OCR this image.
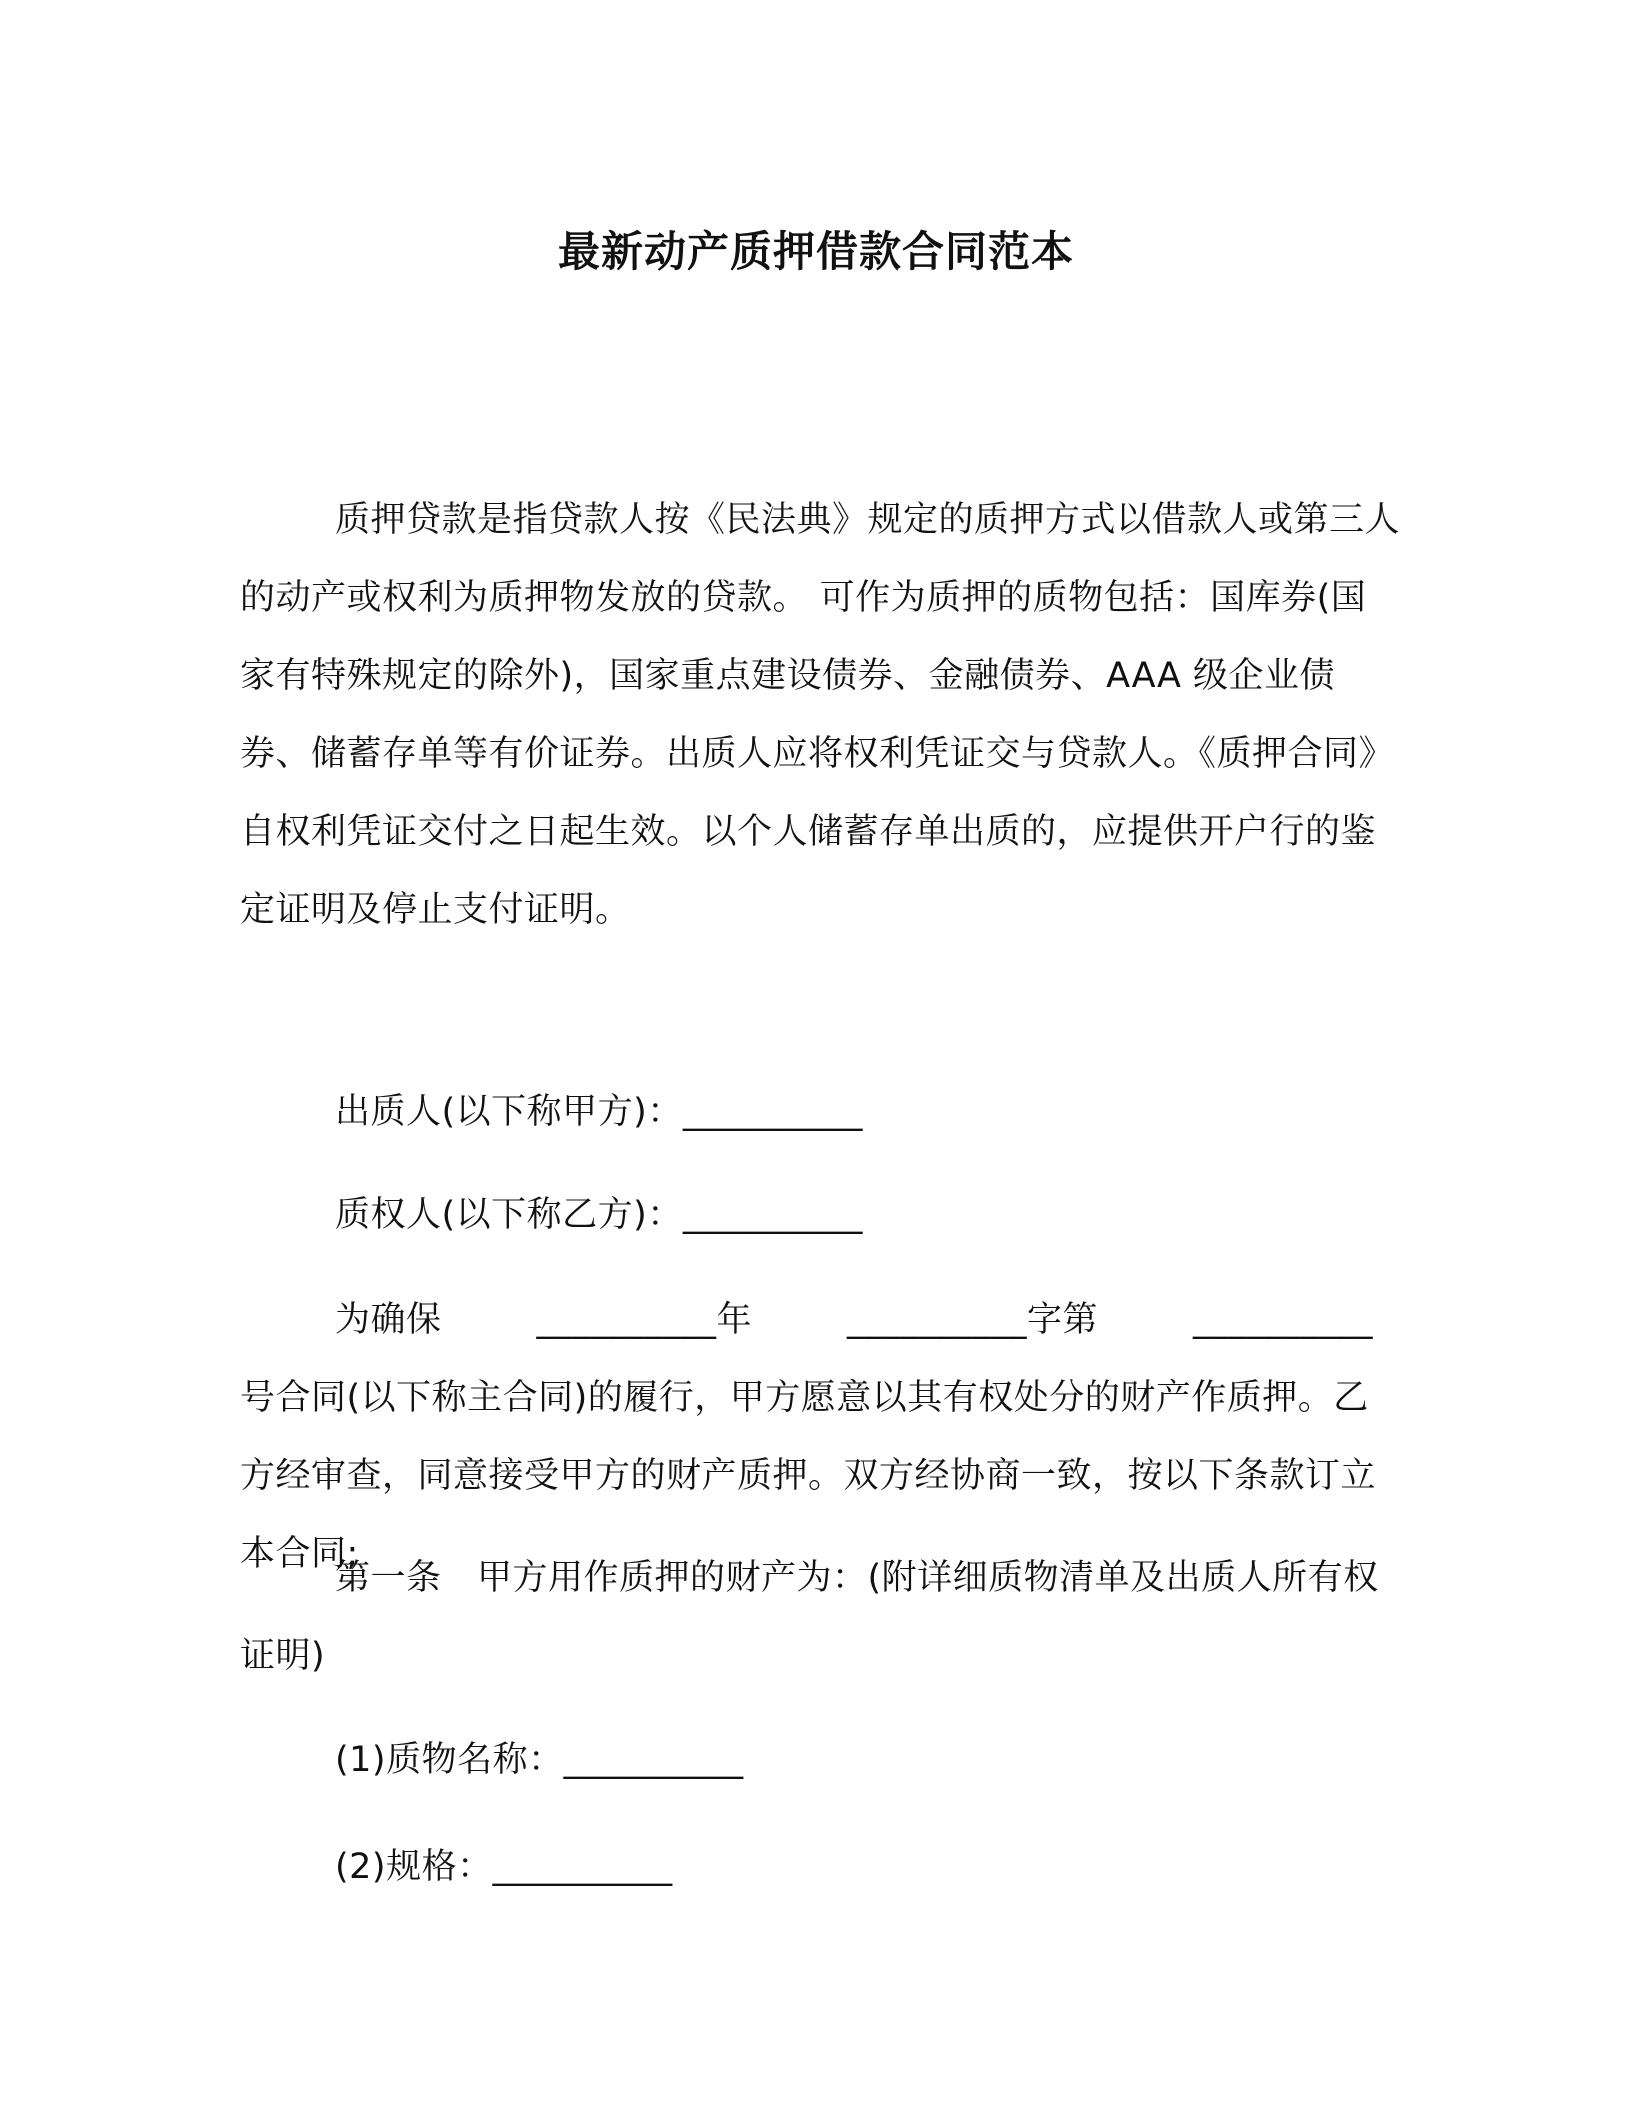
最新动产质押借款合同范本

质押贷款是指贷款人按《民法典》规定的质押方式以借款人或第三人的动产或权利为质押物发放的贷款。 可作为质押的质物包括：国库券(国家有特殊规定的除外)，国家重点建设债券、金融债券、AAA 级企业债券、储蓄存单等有价证券。出质人应将权利凭证交与贷款人。《质押合同》自权利凭证交付之日起生效。以个人储蓄存单出质的，应提供开户行的鉴定证明及停止支付证明。

出质人(以下称甲方)：__________

质权人(以下称乙方)：__________

为确保	__________年	__________字第	__________号合同(以下称主合同)的履行，甲方愿意以其有权处分的财产作质押。乙方经审查，同意接受甲方的财产质押。双方经协商一致，按以下条款订立本合同;

第一条　甲方用作质押的财产为：(附详细质物清单及出质人所有权证明)

(1)质物名称：__________

(2)规格：__________
